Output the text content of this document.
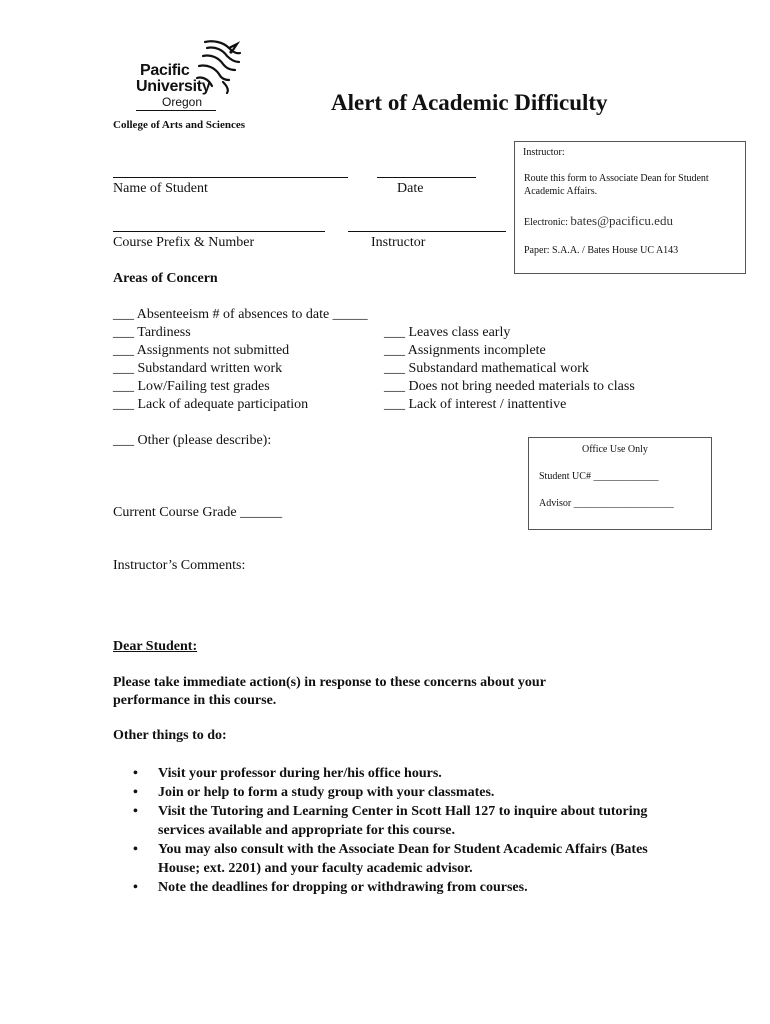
Pacific
University
Oregon
College of Arts and Sciences
Alert of Academic Difficulty
Instructor:
Route this form to Associate Dean for Student
Academic Affairs.
Electronic: bates@pacificu.edu
Paper: S.A.A. / Bates House UC A143
Name of Student	Date
Course Prefix & Number	Instructor
Areas of Concern
___ Absenteeism # of absences to date _____
___ Tardiness
___ Assignments not submitted
___ Substandard written work
___ Low/Failing test grades
___ Lack of adequate participation
___ Leaves class early
___ Assignments incomplete
___ Substandard mathematical work
___ Does not bring needed materials to class
___ Lack of interest / inattentive
___ Other (please describe):
Office Use Only
Student UC# _____________
Advisor ____________________
Current Course Grade ______
Instructor’s Comments:
Dear Student:
Please take immediate action(s) in response to these concerns about your
performance in this course.
Other things to do:
• Visit your professor during her/his office hours.
• Join or help to form a study group with your classmates.
• Visit the Tutoring and Learning Center in Scott Hall 127 to inquire about tutoring services available and appropriate for this course.
• You may also consult with the Associate Dean for Student Academic Affairs (Bates House; ext. 2201) and your faculty academic advisor.
• Note the deadlines for dropping or withdrawing from courses.
